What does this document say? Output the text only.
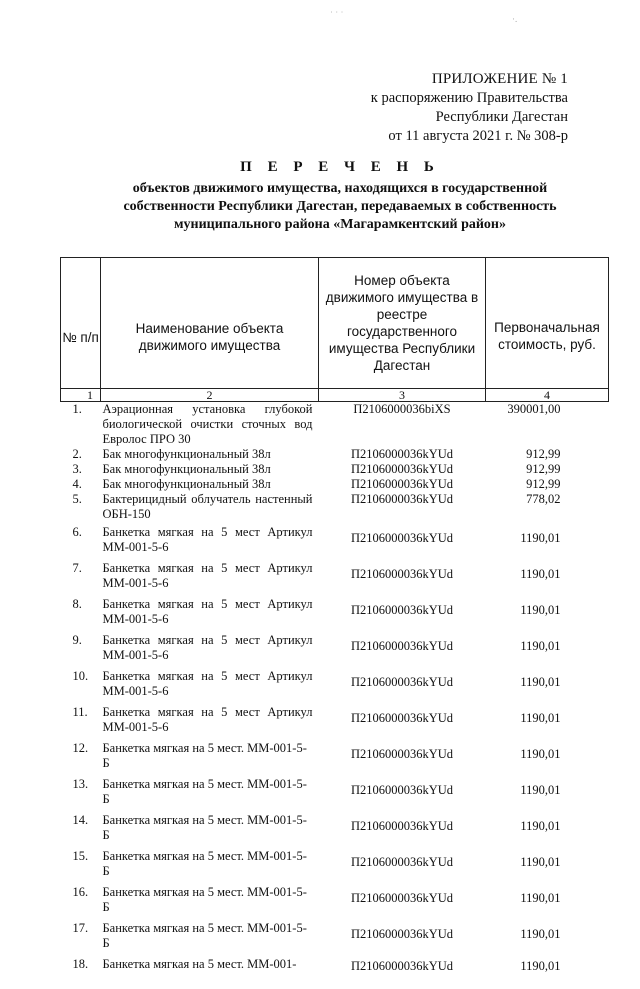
˙ ˙ ˙	·.
ПРИЛОЖЕНИЕ № 1
к распоряжению Правительства
Республики Дагестан
от 11 августа 2021 г. № 308-р
П Е Р Е Ч Е Н Ь
объектов движимого имущества, находящихся в государственной
собственности Республики Дагестан, передаваемых в собственность
муниципального района «Магарамкентский район»
№ п/п	Наименование объекта движимого имущества	Номер объекта движимого имущества в реестре государственного имущества Республики Дагестан	Первоначальная стоимость, руб.
1	2	3	4
1.	Аэрационная установка глубокой биологической очистки сточных вод Евролос ПРО 30	П2106000036biXS	390001,00
2.	Бак многофункциональный 38л	П2106000036kYUd	912,99
3.	Бак многофункциональный 38л	П2106000036kYUd	912,99
4.	Бак многофункциональный 38л	П2106000036kYUd	912,99
5.	Бактерицидный облучатель настенный ОБН-150	П2106000036kYUd	778,02
6.	Банкетка мягкая на 5 мест Артикул ММ-001-5-6	П2106000036kYUd	1190,01
7.	Банкетка мягкая на 5 мест Артикул ММ-001-5-6	П2106000036kYUd	1190,01
8.	Банкетка мягкая на 5 мест Артикул ММ-001-5-6	П2106000036kYUd	1190,01
9.	Банкетка мягкая на 5 мест Артикул ММ-001-5-6	П2106000036kYUd	1190,01
10.	Банкетка мягкая на 5 мест Артикул ММ-001-5-6	П2106000036kYUd	1190,01
11.	Банкетка мягкая на 5 мест Артикул ММ-001-5-6	П2106000036kYUd	1190,01
12.	Банкетка мягкая на 5 мест. ММ-001-5-Б	П2106000036kYUd	1190,01
13.	Банкетка мягкая на 5 мест. ММ-001-5-Б	П2106000036kYUd	1190,01
14.	Банкетка мягкая на 5 мест. ММ-001-5-Б	П2106000036kYUd	1190,01
15.	Банкетка мягкая на 5 мест. ММ-001-5-Б	П2106000036kYUd	1190,01
16.	Банкетка мягкая на 5 мест. ММ-001-5-Б	П2106000036kYUd	1190,01
17.	Банкетка мягкая на 5 мест. ММ-001-5-Б	П2106000036kYUd	1190,01
18.	Банкетка мягкая на 5 мест. ММ-001-	П2106000036kYUd	1190,01
